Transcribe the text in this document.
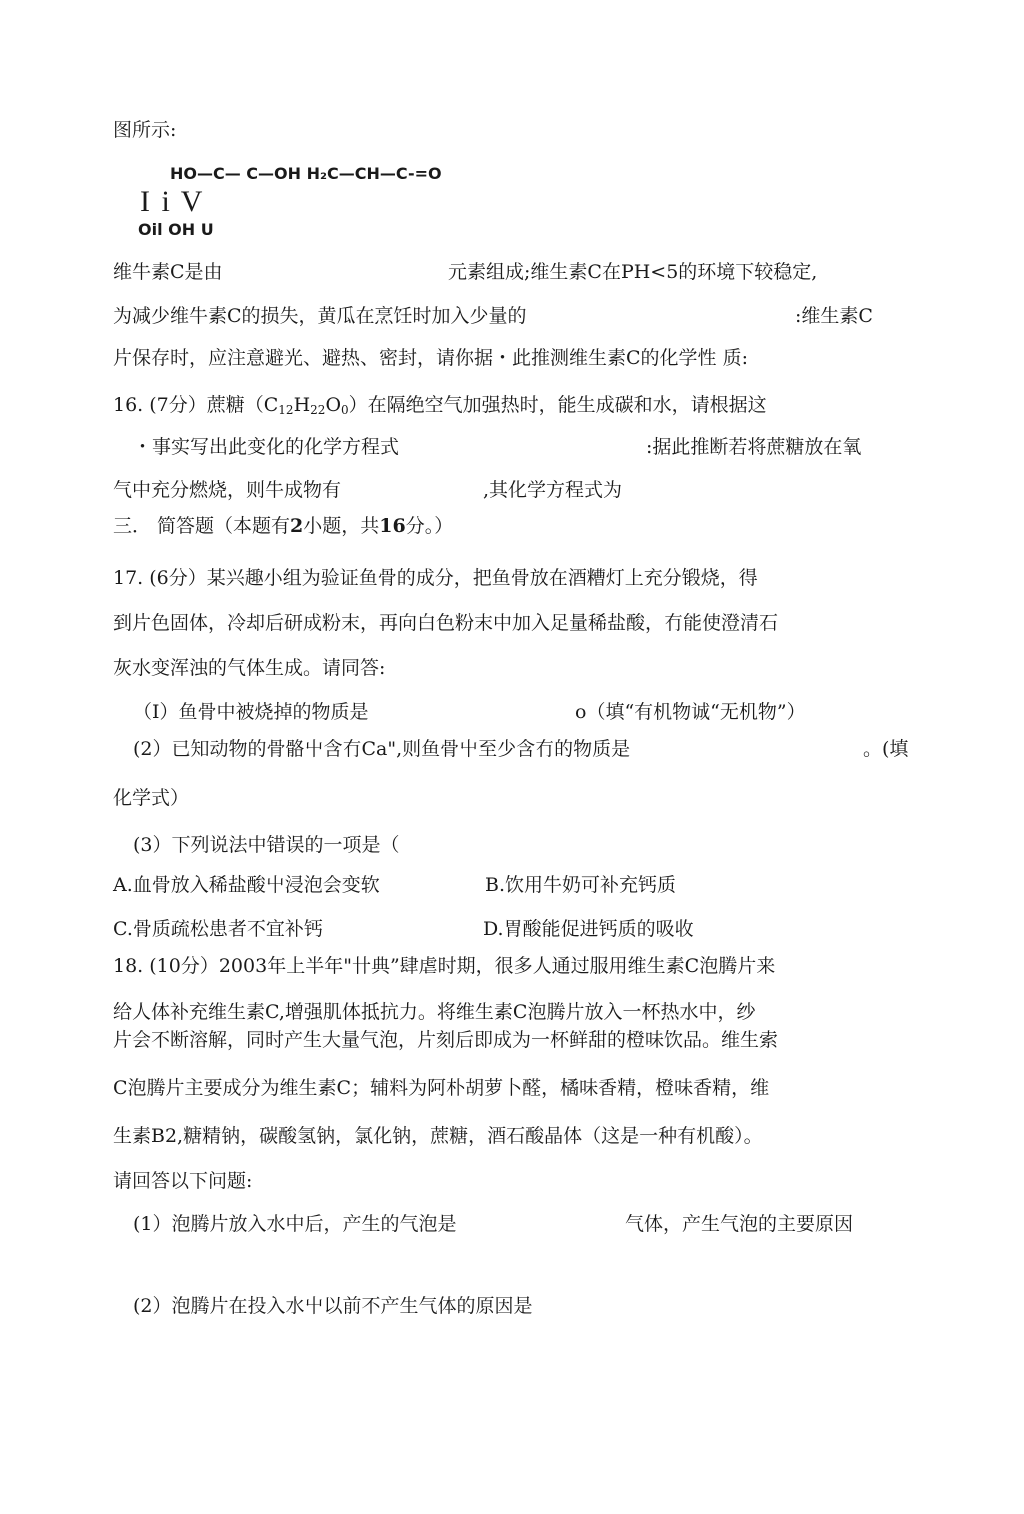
图所示:
HO—C— C—OH H₂C—CH—C-=O
I i V
Oil OH U
维牛素C是由	元素组成;维生素C在PH<5的环境下较稳定,
为减少维牛素C的损失，黄瓜在烹饪时加入少量的	:维生素C
片保存时，应注意避光、避热、密封，请你据・此推测维生素C的化学性 质:
16. (7分）蔗糖$(C_{12}H_{22}O_0)$在隔绝空气加强热时，能生成碳和水，请根据这
・事实写出此变化的化学方程式	:据此推断若将蔗糖放在氧
气中充分燃烧，则牛成物有	,其化学方程式为
三． 简答题（本题有2小题，共16分。）
17. (6分）某兴趣小组为验证鱼骨的成分，把鱼骨放在酒糟灯上充分锻烧，得
到片色固体，冷却后研成粉末，再向白色粉末中加入足量稀盐酸，冇能使澄清石
灰水变浑浊的气体生成。请同答:
（I）鱼骨中被烧掉的物质是	o（填“有机物诚“无机物”）
(2）已知动物的骨骼屮含冇Ca",则鱼骨屮至少含冇的物质是	。(填
化学式）
(3）下列说法中错误的一项是（
A.血骨放入稀盐酸屮浸泡会变软	B.饮用牛奶可补充钙质
C.骨质疏松患者不宜补钙	D.胃酸能促进钙质的吸收
18. (10分）2003年上半年"卄典”肆虐时期，很多人通过服用维生素C泡腾片来
给人体补充维生素C,增强肌体抵抗力。将维生素C泡腾片放入一杯热水中，纱
片会不断溶解，同时产生大量气泡，片刻后即成为一杯鲜甜的橙味饮品。维生索
C泡腾片主要成分为维生素C；辅料为阿朴胡萝卜醛，橘味香精，橙味香精，维
生素B2,糖精钠，碳酸氢钠，氯化钠，蔗糖，酒石酸晶体（这是一种有机酸）。
请回答以下问题:
(1）泡腾片放入水中后，产生的气泡是	气体，产生气泡的主要原因
(2）泡腾片在投入水屮以前不产生气体的原因是
